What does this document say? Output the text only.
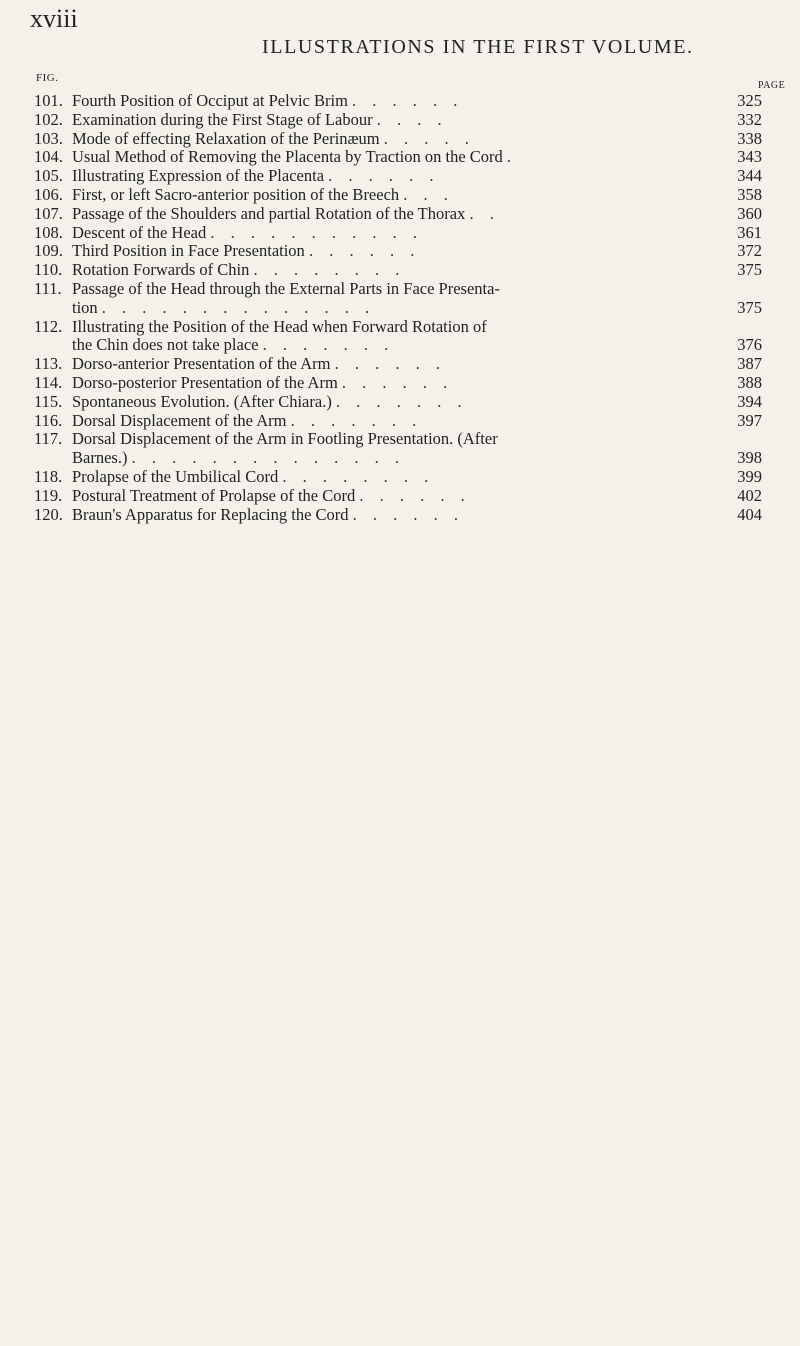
xviii
ILLUSTRATIONS IN THE FIRST VOLUME.
FIG.
PAGE
101. Fourth Position of Occiput at Pelvic Brim . . . . . .	325
102. Examination during the First Stage of Labour . . . .	332
103. Mode of effecting Relaxation of the Perinæum . . . . .	338
104. Usual Method of Removing the Placenta by Traction on the Cord .	343
105. Illustrating Expression of the Placenta . . . . . .	344
106. First, or left Sacro-anterior position of the Breech . . .	358
107. Passage of the Shoulders and partial Rotation of the Thorax . .	360
108. Descent of the Head . . . . . . . . . . .	361
109. Third Position in Face Presentation . . . . . .	372
110. Rotation Forwards of Chin . . . . . . . .	375
111. Passage of the Head through the External Parts in Face Presenta-
tion . . . . . . . . . . . . . .	375
112. Illustrating the Position of the Head when Forward Rotation of
the Chin does not take place . . . . . . .	376
113. Dorso-anterior Presentation of the Arm . . . . . .	387
114. Dorso-posterior Presentation of the Arm . . . . . .	388
115. Spontaneous Evolution. (After Chiara.) . . . . . . .	394
116. Dorsal Displacement of the Arm . . . . . . .	397
117. Dorsal Displacement of the Arm in Footling Presentation. (After
Barnes.) . . . . . . . . . . . . . .	398
118. Prolapse of the Umbilical Cord . . . . . . . .	399
119. Postural Treatment of Prolapse of the Cord . . . . . .	402
120. Braun's Apparatus for Replacing the Cord . . . . . .	404
